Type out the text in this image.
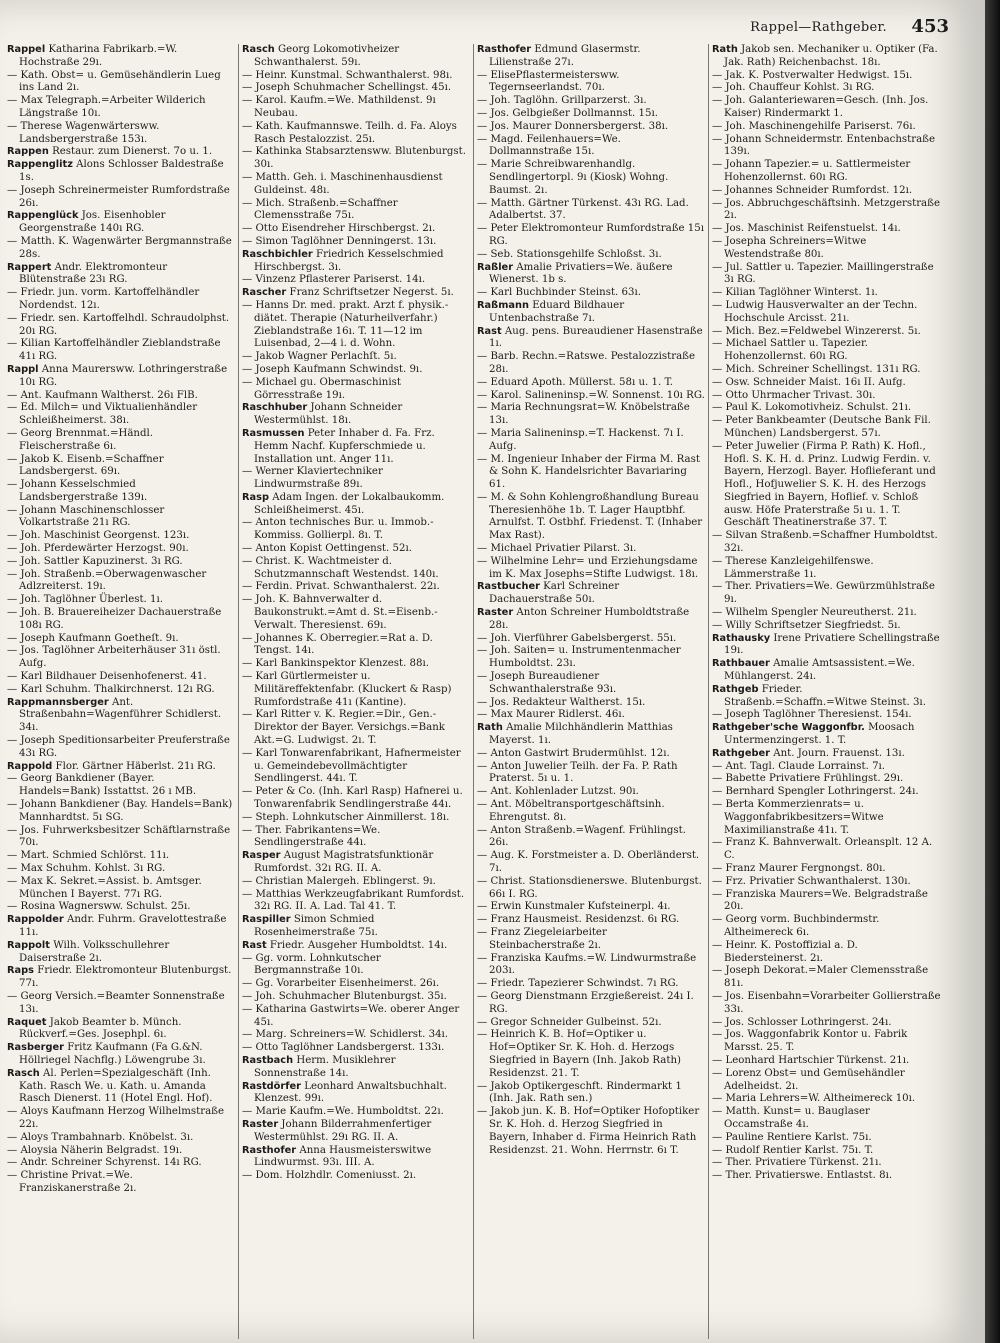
Rappel—Rathgeber. 453

Rappel Katharina Fabrikarb.=W. Hochstraße 29ı.

— Kath. Obst= u. Gemüsehändlerin Lueg ins Land 2ı.

— Max Telegraph.=Arbeiter Wilderich Längstraße 10ı.

— Therese Wagenwärtersww. Landsbergerstraße 153ı.

Rappen Restaur. zum Dienerst. 7o u. 1.

Rappenglitz Alons Schlosser Baldestraße 1s.

— Joseph Schreinermeister Rumfordstraße 26ı.

Rappenglück Jos. Eisenhobler Georgenstraße 140ı RG.

— Matth. K. Wagenwärter Bergmannstraße 28s.

Rappert Andr. Elektromonteur Blütenstraße 23ı RG.

— Friedr. jun. vorm. Kartoffelhändler Nordendst. 12ı.

— Friedr. sen. Kartoffelhdl. Schraudolphst. 20ı RG.

— Kilian Kartoffelhändler Zieblandstraße 41ı RG.

Rappl Anna Maurersww. Lothringerstraße 10ı RG.

— Ant. Kaufmann Waltherst. 26ı FlB.

— Ed. Milch= und Viktualienhändler Schleißheimerst. 38ı.

— Georg Brennmat.=Händl. Fleischerstraße 6ı.

— Jakob K. Eisenb.=Schaffner Landsbergerst. 69ı.

— Johann Kesselschmied Landsbergerstraße 139ı.

— Johann Maschinenschlosser Volkartstraße 21ı RG.

— Joh. Maschinist Georgenst. 123ı.

— Joh. Pferdewärter Herzogst. 90ı.

— Joh. Sattler Kapuzinerst. 3ı RG.

— Joh. Straßenb.=Oberwagenwascher Adlzreiterst. 19ı.

— Joh. Taglöhner Überlest. 1ı.

— Joh. B. Brauereiheizer Dachauerstraße 108ı RG.

— Joseph Kaufmann Goetheſt. 9ı.

— Jos. Taglöhner Arbeiterhäuser 31ı östl. Aufg.

— Karl Bildhauer Deisenhofenerst. 41.

— Karl Schuhm. Thalkirchnerst. 12ı RG.

Rappmannsberger Ant. Straßenbahn=Wagenführer Schidlerst. 34ı.

— Joseph Speditionsarbeiter Preuferstraße 43ı RG.

Rappold Flor. Gärtner Häberlst. 21ı RG.

— Georg Bankdiener (Bayer. Handels=Bank) Isstattst. 26 ı MB.

— Johann Bankdiener (Bay. Handels=Bank) Mannhardtst. 5ı SG.

— Jos. Fuhrwerksbesitzer Schäftlarnstraße 70ı.

— Mart. Schmied Schlörst. 11ı.

— Max Schuhm. Kohlst. 3ı RG.

— Max K. Sekret.=Assist. b. Amtsger. München I Bayerst. 77ı RG.

— Rosina Wagnersww. Schulst. 25ı.

Rappolder Andr. Fuhrm. Gravelottestraße 11ı.

Rappolt Wilh. Volksschullehrer Daiserstraße 2ı.

Raps Friedr. Elektromonteur Blutenburgst. 77ı.

— Georg Versich.=Beamter Sonnenstraße 13ı.

Raquet Jakob Beamter b. Münch. Rückverf.=Ges. Josephpl. 6ı.

Rasberger Fritz Kaufmann (Fa G.&N. Höllriegel Nachflg.) Löwengrube 3ı.

Rasch Al. Perlen=Spezialgeschäft (Inh. Kath. Rasch We. u. Kath. u. Amanda Rasch Dienerst. 11 (Hotel Engl. Hof).

— Aloys Kaufmann Herzog Wilhelmstraße 22ı.

— Aloys Trambahnarb. Knöbelst. 3ı.

— Aloysia Näherin Belgradst. 19ı.

— Andr. Schreiner Schyrenst. 14ı RG.

— Christine Privat.=We. Franziskanerstraße 2ı.

Rasch Georg Lokomotivheizer Schwanthalerst. 59ı.

— Heinr. Kunstmal. Schwanthalerst. 98ı.

— Joseph Schuhmacher Schellingst. 45ı.

— Karol. Kaufm.=We. Mathildenst. 9ı Neubau.

— Kath. Kaufmannswe. Teilh. d. Fa. Aloys Rasch Pestalozzist. 25ı.

— Kathinka Stabsarztensww. Blutenburgst. 30ı.

— Matth. Geh. i. Maschinenhausdienst Guldeinst. 48ı.

— Mich. Straßenb.=Schaffner Clemensstraße 75ı.

— Otto Eisendreher Hirschbergst. 2ı.

— Simon Taglöhner Denningerst. 13ı.

Raschbichler Friedrich Kesselschmied Hirschbergst. 3ı.

— Vinzenz Pflasterer Pariserst. 14ı.

Rascher Franz Schriftsetzer Negerst. 5ı.

— Hanns Dr. med. prakt. Arzt f. physik.-diätet. Therapie (Naturheilverfahr.) Zieblandstraße 16ı. T. 11—12 im Luisenbad, 2—4 i. d. Wohn.

— Jakob Wagner Perlachſt. 5ı.

— Joseph Kaufmann Schwindst. 9ı.

— Michael gu. Obermaschinist Görresstraße 19ı.

Raschhuber Johann Schneider Westermühlst. 18ı.

Rasmussen Peter Inhaber d. Fa. Frz. Hemm Nachf. Kupferschmiede u. Installation unt. Anger 11ı.

— Werner Klaviertechniker Lindwurmstraße 89ı.

Rasp Adam Ingen. der Lokalbaukomm. Schleißheimerst. 45ı.

— Anton technisches Bur. u. Immob.-Kommiss. Gollierpl. 8ı. T.

— Anton Kopist Oettingenst. 52ı.

— Christ. K. Wachtmeister d. Schutzmannschaft Westendst. 140ı.

— Ferdin. Privat. Schwanthalerst. 22ı.

— Joh. K. Bahnverwalter d. Baukonstrukt.=Amt d. St.=Eisenb.-Verwalt. Theresienst. 69ı.

— Johannes K. Oberregier.=Rat a. D. Tengst. 14ı.

— Karl Bankinspektor Klenzest. 88ı.

— Karl Gürtlermeister u. Militäreffektenfabr. (Kluckert & Rasp) Rumfordstraße 41ı (Kantine).

— Karl Ritter v. K. Regier.=Dir., Gen.-Direktor der Bayer. Versichgs.=Bank Akt.=G. Ludwigst. 2ı. T.

— Karl Tonwarenfabrikant, Hafnermeister u. Gemeindebevollmächtigter Sendlingerst. 44ı. T.

— Peter & Co. (Inh. Karl Rasp) Hafnerei u. Tonwarenfabrik Sendlingerstraße 44ı.

— Steph. Lohnkutscher Ainmillerst. 18ı.

— Ther. Fabrikantens=We. Sendlingerstraße 44ı.

Rasper August Magistratsfunktionär Rumfordst. 32ı RG. II. A.

— Christian Malergeh. Eblingerst. 9ı.

— Matthias Werkzeugfabrikant Rumfordst. 32ı RG. II. A. Lad. Tal 41. T.

Raspiller Simon Schmied Rosenheimerstraße 75ı.

Rast Friedr. Ausgeher Humboldtst. 14ı.

— Gg. vorm. Lohnkutscher Bergmannstraße 10ı.

— Gg. Vorarbeiter Eisenheimerst. 26ı.

— Joh. Schuhmacher Blutenburgst. 35ı.

— Katharina Gastwirts=We. oberer Anger 45ı.

— Marg. Schreiners=W. Schidlerst. 34ı.

— Otto Taglöhner Landsbergerst. 133ı.

Rastbach Herm. Musiklehrer Sonnenstraße 14ı.

Rastdörfer Leonhard Anwaltsbuchhalt. Klenzest. 99ı.

— Marie Kaufm.=We. Humboldtst. 22ı.

Raster Johann Bilderrahmenfertiger Westermühlst. 29ı RG. II. A.

Rasthofer Anna Hausmeisterswitwe Lindwurmst. 93ı. III. A.

— Dom. Holzhdlr. Comeniusst. 2ı.

Rasthofer Edmund Glasermstr. Lilienstraße 27ı.

— ElisePflastermeistersww. Tegernseerlandst. 70ı.

— Joh. Taglöhn. Grillparzerst. 3ı.

— Jos. Gelbgießer Dollmannst. 15ı.

— Jos. Maurer Donnersbergerst. 38ı.

— Magd. Feilenhauers=We. Dollmannstraße 15ı.

— Marie Schreibwarenhandlg. Sendlingertorpl. 9ı (Kiosk) Wohng. Baumst. 2ı.

— Matth. Gärtner Türkenst. 43ı RG. Lad. Adalbertst. 37.

— Peter Elektromonteur Rumfordstraße 15ı RG.

— Seb. Stationsgehilfe Schloßst. 3ı.

Raßler Amalie Privatiers=We. äußere Wienerst. 1b s.

— Karl Buchbinder Steinst. 63ı.

Raßmann Eduard Bildhauer Untenbachstraße 7ı.

Rast Aug. pens. Bureaudiener Hasenstraße 1ı.

— Barb. Rechn.=Ratswe. Pestalozzistraße 28ı.

— Eduard Apoth. Müllerst. 58ı u. 1. T.

— Karol. Salineninsp.=W. Sonnenst. 10ı RG.

— Maria Rechnungsrat=W. Knöbelstraße 13ı.

— Maria Salineninsp.=T. Hackenst. 7ı I. Aufg.

— M. Ingenieur Inhaber der Firma M. Rast & Sohn K. Handelsrichter Bavariaring 61.

— M. & Sohn Kohlengroßhandlung Bureau Theresienhöhe 1b. T. Lager Hauptbhf. Arnulfst. T. Ostbhf. Friedenst. T. (Inhaber Max Rast).

— Michael Privatier Pilarst. 3ı.

— Wilhelmine Lehr= und Erziehungsdame im K. Max Josephs=Stifte Ludwigst. 18ı.

Rastbucher Karl Schreiner Dachauerstraße 50ı.

Raster Anton Schreiner Humboldtstraße 28ı.

— Joh. Vierführer Gabelsbergerst. 55ı.

— Joh. Saiten= u. Instrumentenmacher Humboldtst. 23ı.

— Joseph Bureaudiener Schwanthalerstraße 93ı.

— Jos. Redakteur Waltherst. 15ı.

— Max Maurer Ridlerst. 46ı.

Rath Amalie Milchhändlerin Matthias Mayerst. 1ı.

— Anton Gastwirt Brudermühlst. 12ı.

— Anton Juwelier Teilh. der Fa. P. Rath Praterst. 5ı u. 1.

— Ant. Kohlenlader Lutzst. 90ı.

— Ant. Möbeltransportgeschäftsinh. Ehrengutst. 8ı.

— Anton Straßenb.=Wagenf. Frühlingst. 26ı.

— Aug. K. Forstmeister a. D. Oberländerst. 7ı.

— Christ. Stationsdienerswe. Blutenburgst. 66ı I. RG.

— Erwin Kunstmaler Kufsteinerpl. 4ı.

— Franz Hausmeist. Residenzst. 6ı RG.

— Franz Ziegeleiarbeiter Steinbacherstraße 2ı.

— Franziska Kaufms.=W. Lindwurmstraße 203ı.

— Friedr. Tapezierer Schwindst. 7ı RG.

— Georg Dienstmann Erzgießereist. 24ı I. RG.

— Gregor Schneider Gulbeinst. 52ı.

— Heinrich K. B. Hof=Optiker u. Hof=Optiker Sr. K. Hoh. d. Herzogs Siegfried in Bayern (Inh. Jakob Rath) Residenzst. 21. T.

— Jakob Optikergeschft. Rindermarkt 1 (Inh. Jak. Rath sen.)

— Jakob jun. K. B. Hof=Optiker Hofoptiker Sr. K. Hoh. d. Herzog Siegfried in Bayern, Inhaber d. Firma Heinrich Rath Residenzst. 21. Wohn. Herrnstr. 6ı T.

Rath Jakob sen. Mechaniker u. Optiker (Fa. Jak. Rath) Reichenbachst. 18ı.

— Jak. K. Postverwalter Hedwigst. 15ı.

— Joh. Chauffeur Kohlst. 3ı RG.

— Joh. Galanteriewaren=Gesch. (Inh. Jos. Kaiser) Rindermarkt 1.

— Joh. Maschinengehilfe Pariserst. 76ı.

— Johann Schneidermstr. Entenbachstraße 139ı.

— Johann Tapezier.= u. Sattlermeister Hohenzollernst. 60ı RG.

— Johannes Schneider Rumfordst. 12ı.

— Jos. Abbruchgeschäftsinh. Metzgerstraße 2ı.

— Jos. Maschinist Reifenstuelst. 14ı.

— Josepha Schreiners=Witwe Westendstraße 80ı.

— Jul. Sattler u. Tapezier. Maillingerstraße 3ı RG.

— Kilian Taglöhner Winterst. 1ı.

— Ludwig Hausverwalter an der Techn. Hochschule Arcisst. 21ı.

— Mich. Bez.=Feldwebel Winzererst. 5ı.

— Michael Sattler u. Tapezier. Hohenzollernst. 60ı RG.

— Mich. Schreiner Schellingst. 131ı RG.

— Osw. Schneider Maist. 16ı II. Aufg.

— Otto Uhrmacher Trivast. 30ı.

— Paul K. Lokomotivheiz. Schulst. 21ı.

— Peter Bankbeamter (Deutsche Bank Fil. München) Landsbergerst. 57ı.

— Peter Juwelier (Firma P. Rath) K. Hofl., Hofl. S. K. H. d. Prinz. Ludwig Ferdin. v. Bayern, Herzogl. Bayer. Hoflieferant und Hofl., Hofjuwelier S. K. H. des Herzogs Siegfried in Bayern, Hoflief. v. Schloß ausw. Höfe Praterstraße 5ı u. 1. T. Geschäft Theatinerstraße 37. T.

— Silvan Straßenb.=Schaffner Humboldtst. 32ı.

— Therese Kanzleigehilfenswe. Lämmerstraße 1ı.

— Ther. Privatiers=We. Gewürzmühlstraße 9ı.

— Wilhelm Spengler Neureutherst. 21ı.

— Willy Schriftsetzer Siegfriedst. 5ı.

Rathausky Irene Privatiere Schellingstraße 19ı.

Rathbauer Amalie Amtsassistent.=We. Mühlangerst. 24ı.

Rathgeb Frieder. Straßenb.=Schaffn.=Witwe Steinst. 3ı.

— Joseph Taglöhner Theresienst. 154ı.

Rathgeber'sche Waggonfbr. Moosach Untermenzingerst. 1. T.

Rathgeber Ant. Journ. Frauenst. 13ı.

— Ant. Tagl. Claude Lorrainst. 7ı.

— Babette Privatiere Frühlingst. 29ı.

— Bernhard Spengler Lothringerst. 24ı.

— Berta Kommerzienrats= u. Waggonfabrikbesitzers=Witwe Maximilianstraße 41ı. T.

— Franz K. Bahnverwalt. Orleansplt. 12 A. C.

— Franz Maurer Fergnongst. 80ı.

— Frz. Privatier Schwanthalerst. 130ı.

— Franziska Maurers=We. Belgradstraße 20ı.

— Georg vorm. Buchbindermstr. Altheimereck 6ı.

— Heinr. K. Postoffizial a. D. Biedersteinerst. 2ı.

— Joseph Dekorat.=Maler Clemensstraße 81ı.

— Jos. Eisenbahn=Vorarbeiter Gollierstraße 33ı.

— Jos. Schlosser Lothringerst. 24ı.

— Jos. Waggonfabrik Kontor u. Fabrik Marsst. 25. T.

— Leonhard Hartschier Türkenst. 21ı.

— Lorenz Obst= und Gemüsehändler Adelheidst. 2ı.

— Maria Lehrers=W. Altheimereck 10ı.

— Matth. Kunst= u. Bauglaser Occamstraße 4ı.

— Pauline Rentiere Karlst. 75ı.

— Rudolf Rentier Karlst. 75ı. T.

— Ther. Privatiere Türkenst. 21ı.

— Ther. Privatierswe. Entlastst. 8ı.
